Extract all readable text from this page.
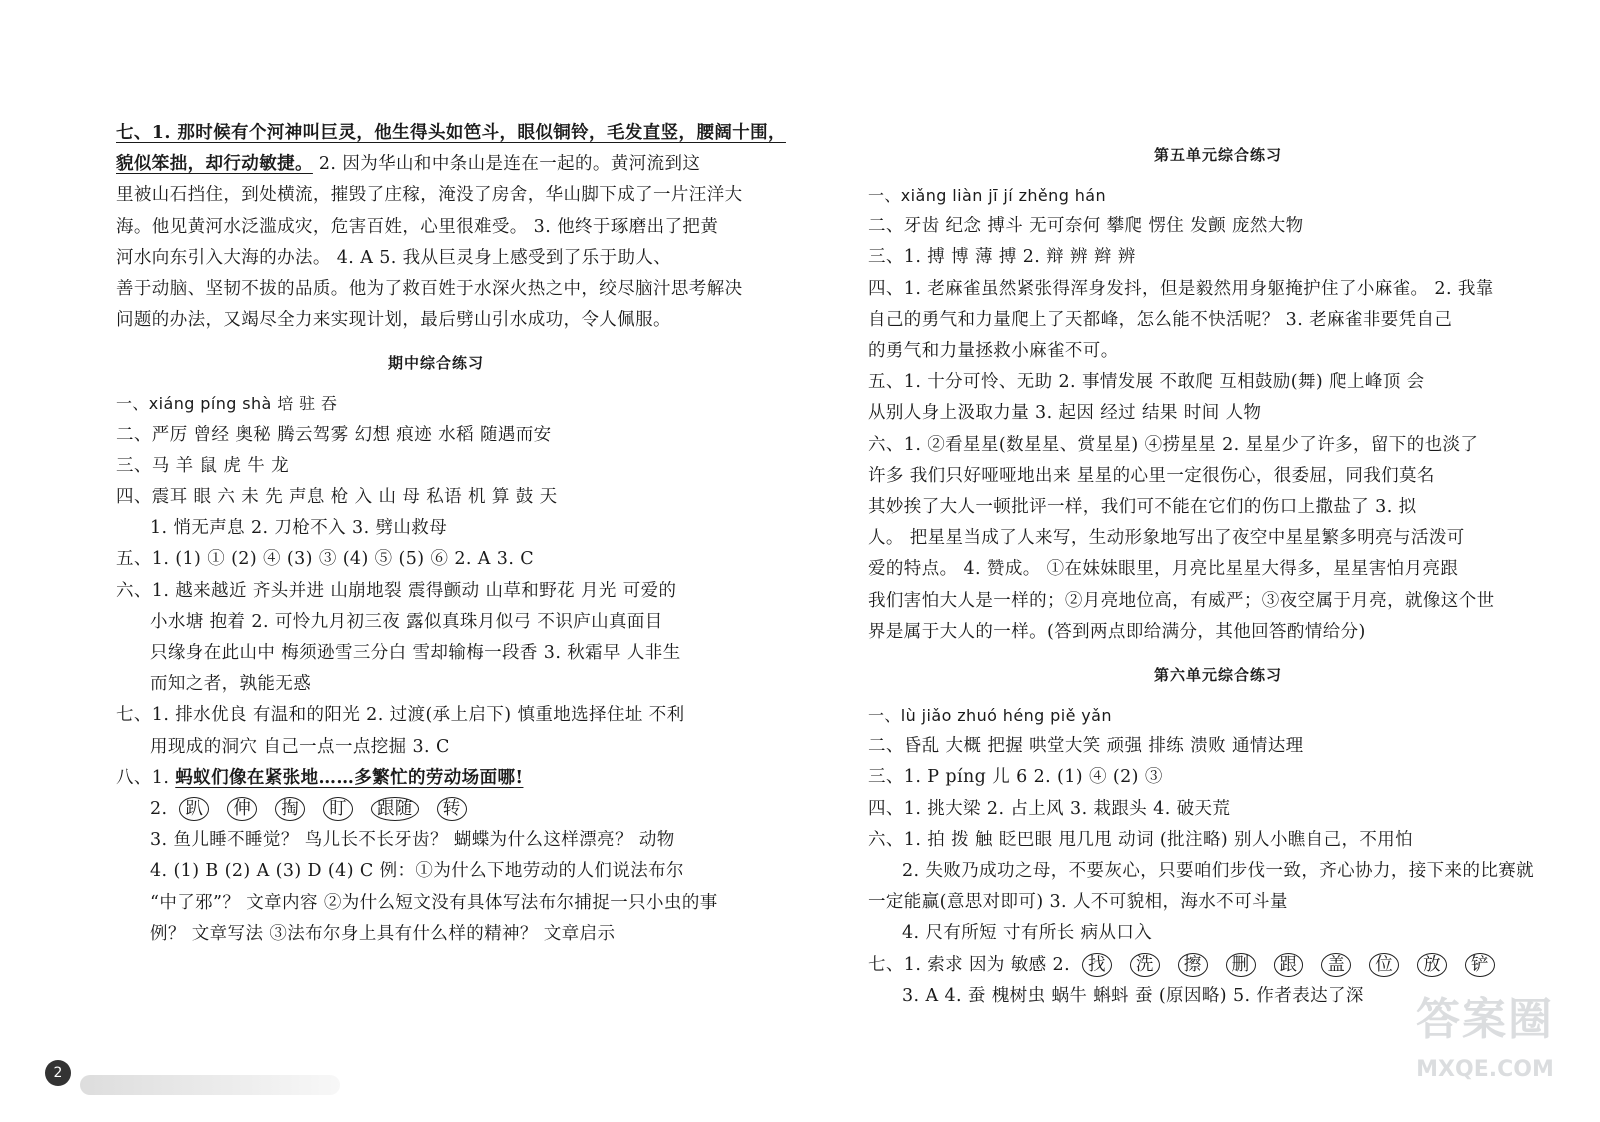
七、1. 那时候有个河神叫巨灵，他生得头如笆斗，眼似铜铃，毛发直竖，腰阔十围，
貌似笨拙，却行动敏捷。 2. 因为华山和中条山是连在一起的。黄河流到这
里被山石挡住，到处横流，摧毁了庄稼，淹没了房舍，华山脚下成了一片汪洋大
海。他见黄河水泛滥成灾，危害百姓，心里很难受。 3. 他终于琢磨出了把黄
河水向东引入大海的办法。 4. A 5. 我从巨灵身上感受到了乐于助人、
善于动脑、坚韧不拔的品质。他为了救百姓于水深火热之中，绞尽脑汁思考解决
问题的办法，又竭尽全力来实现计划，最后劈山引水成功，令人佩服。
期中综合练习
一、xiáng píng shà 培 驻 吞
二、严厉 曾经 奥秘 腾云驾雾 幻想 痕迹 水稻 随遇而安
三、马 羊 鼠 虎 牛 龙
四、震耳 眼 六 未 先 声息 枪 入 山 母 私语 机 算 鼓 天
1. 悄无声息 2. 刀枪不入 3. 劈山救母
五、1. (1) ① (2) ④ (3) ③ (4) ⑤ (5) ⑥ 2. A 3. C
六、1. 越来越近 齐头并进 山崩地裂 震得颤动 山草和野花 月光 可爱的
小水塘 抱着 2. 可怜九月初三夜 露似真珠月似弓 不识庐山真面目
只缘身在此山中 梅须逊雪三分白 雪却输梅一段香 3. 秋霜早 人非生
而知之者，孰能无惑
七、1. 排水优良 有温和的阳光 2. 过渡(承上启下) 慎重地选择住址 不利
用现成的洞穴 自己一点一点挖掘 3. C
八、1. 蚂蚁们像在紧张地……多繁忙的劳动场面哪!
2. 趴 伸 掏 盯 跟随 转
3. 鱼儿睡不睡觉？ 鸟儿长不长牙齿？ 蝴蝶为什么这样漂亮？ 动物
4. (1) B (2) A (3) D (4) C 例：①为什么下地劳动的人们说法布尔
“中了邪”？ 文章内容 ②为什么短文没有具体写法布尔捕捉一只小虫的事
例？ 文章写法 ③法布尔身上具有什么样的精神？ 文章启示
2
第五单元综合练习
一、xiǎng liàn jī jí zhěng hán
二、牙齿 纪念 搏斗 无可奈何 攀爬 愣住 发颤 庞然大物
三、1. 搏 博 薄 搏 2. 辩 辨 辫 辨
四、1. 老麻雀虽然紧张得浑身发抖，但是毅然用身躯掩护住了小麻雀。 2. 我靠
自己的勇气和力量爬上了天都峰，怎么能不快活呢？ 3. 老麻雀非要凭自己
的勇气和力量拯救小麻雀不可。
五、1. 十分可怜、无助 2. 事情发展 不敢爬 互相鼓励(舞) 爬上峰顶 会
从别人身上汲取力量 3. 起因 经过 结果 时间 人物
六、1. ②看星星(数星星、赏星星) ④捞星星 2. 星星少了许多，留下的也淡了
许多 我们只好哑哑地出来 星星的心里一定很伤心，很委屈，同我们莫名
其妙挨了大人一顿批评一样，我们可不能在它们的伤口上撒盐了 3. 拟
人。 把星星当成了人来写，生动形象地写出了夜空中星星繁多明亮与活泼可
爱的特点。 4. 赞成。 ①在妹妹眼里，月亮比星星大得多，星星害怕月亮跟
我们害怕大人是一样的；②月亮地位高，有威严；③夜空属于月亮，就像这个世
界是属于大人的一样。(答到两点即给满分，其他回答酌情给分)
第六单元综合练习
一、lù jiǎo zhuó héng piě yǎn
二、昏乱 大概 把握 哄堂大笑 顽强 排练 溃败 通情达理
三、1. P píng 儿 6 2. (1) ④ (2) ③
四、1. 挑大梁 2. 占上风 3. 栽跟头 4. 破天荒
六、1. 拍 拨 触 眨巴眼 甩几甩 动词 (批注略) 别人小瞧自己，不用怕
2. 失败乃成功之母，不要灰心，只要咱们步伐一致，齐心协力，接下来的比赛就
一定能赢(意思对即可) 3. 人不可貌相，海水不可斗量
4. 尺有所短 寸有所长 病从口入
七、1. 索求 因为 敏感 2. 找 洗 擦 删 跟 盖 位 放 铲
3. A 4. 蚕 槐树虫 蜗牛 蝌蚪 蚕 (原因略) 5. 作者表达了深	答案圈
MXQE.COM
